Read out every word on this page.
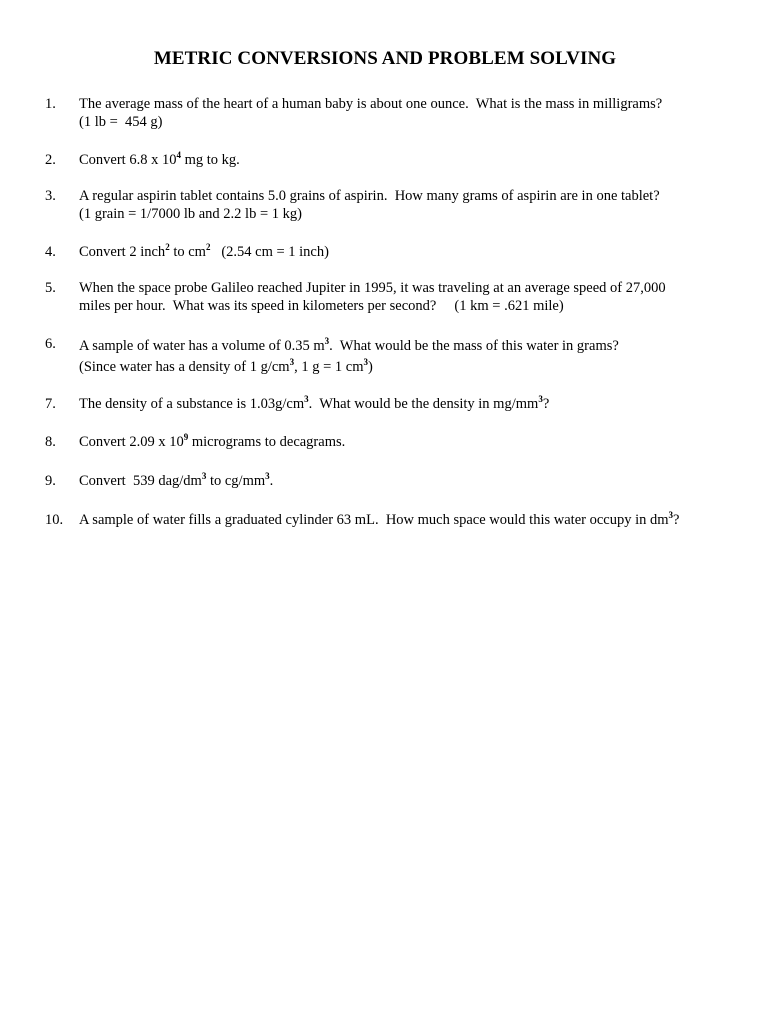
METRIC CONVERSIONS AND PROBLEM SOLVING
1. The average mass of the heart of a human baby is about one ounce.  What is the mass in milligrams?
(1 lb =  454 g)
2. Convert 6.8 x $10^4$ mg to kg.
3. A regular aspirin tablet contains 5.0 grains of aspirin.  How many grams of aspirin are in one tablet?
(1 grain = 1/7000 lb and 2.2 lb = 1 kg)
4. Convert 2 inch$^2$ to $cm^2$   (2.54 cm = 1 inch)
5. When the space probe Galileo reached Jupiter in 1995, it was traveling at an average speed of 27,000
miles per hour.  What was its speed in kilometers per second?     (1 km = .621 mile)
6. A sample of water has a volume of 0.35 $m^3$.  What would be the mass of this water in grams?
(Since water has a density of 1 $g/cm^3$, 1 g = 1 $cm^3$)
7. The density of a substance is $1.03g/cm^3$.  What would be the density in $mg/mm^3$?
8. Convert 2.09 x $10^9$ micrograms to decagrams.
9. Convert  539 dag/$dm^3$ to $cg/mm^3$.
10. A sample of water fills a graduated cylinder 63 mL.  How much space would this water occupy in $dm^3$?
